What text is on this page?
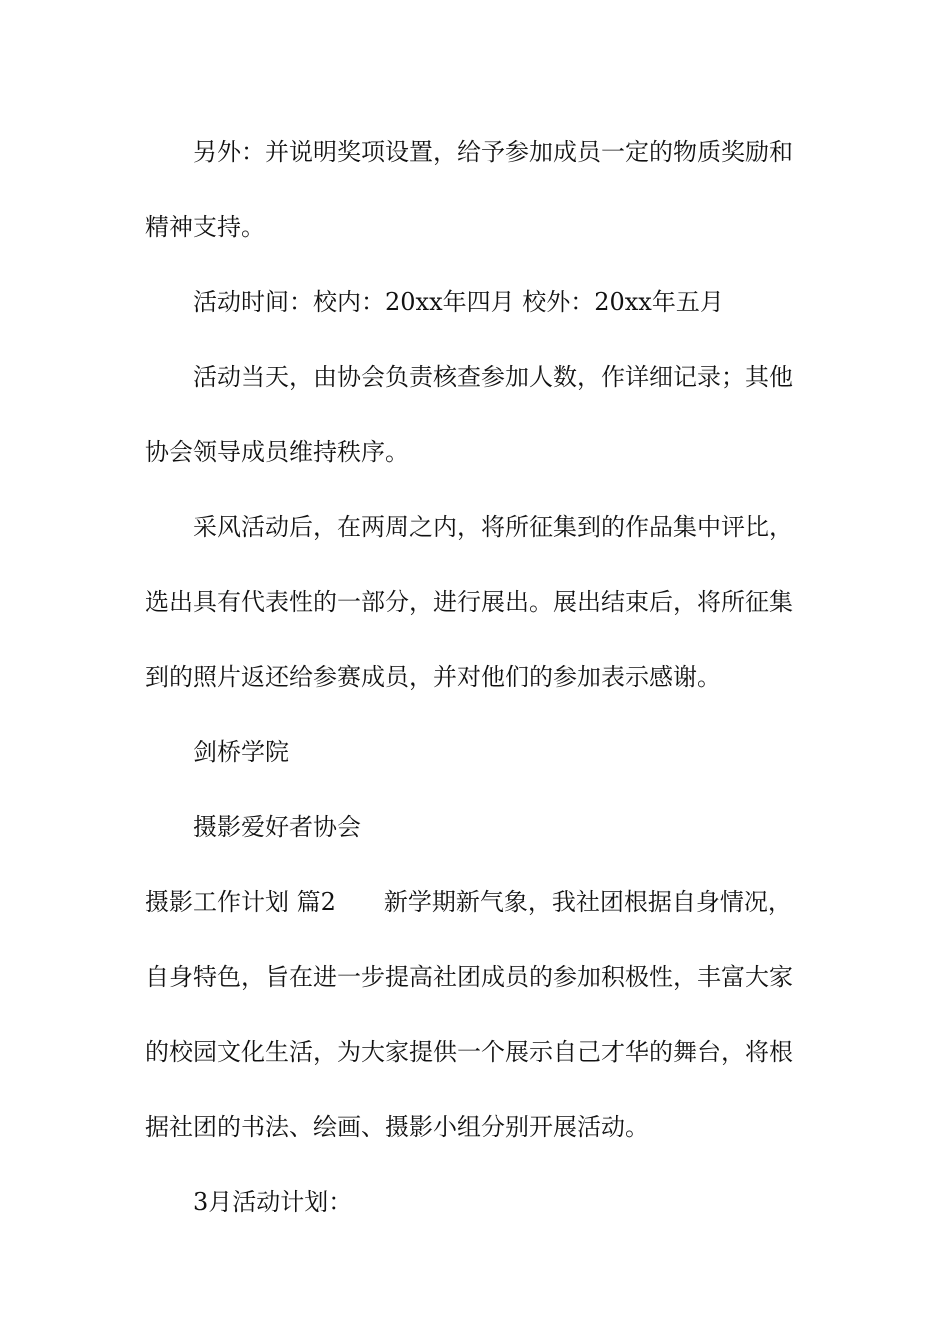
另外：并说明奖项设置，给予参加成员一定的物质奖励和
精神支持。
活动时间：校内：20xx年四月 校外：20xx年五月
活动当天，由协会负责核查参加人数，作详细记录；其他
协会领导成员维持秩序。
采风活动后，在两周之内，将所征集到的作品集中评比，
选出具有代表性的一部分，进行展出。展出结束后，将所征集
到的照片返还给参赛成员，并对他们的参加表示感谢。
剑桥学院
摄影爱好者协会
摄影工作计划 篇2　　新学期新气象，我社团根据自身情况，
自身特色，旨在进一步提高社团成员的参加积极性，丰富大家
的校园文化生活，为大家提供一个展示自己才华的舞台，将根
据社团的书法、绘画、摄影小组分别开展活动。
3月活动计划：
